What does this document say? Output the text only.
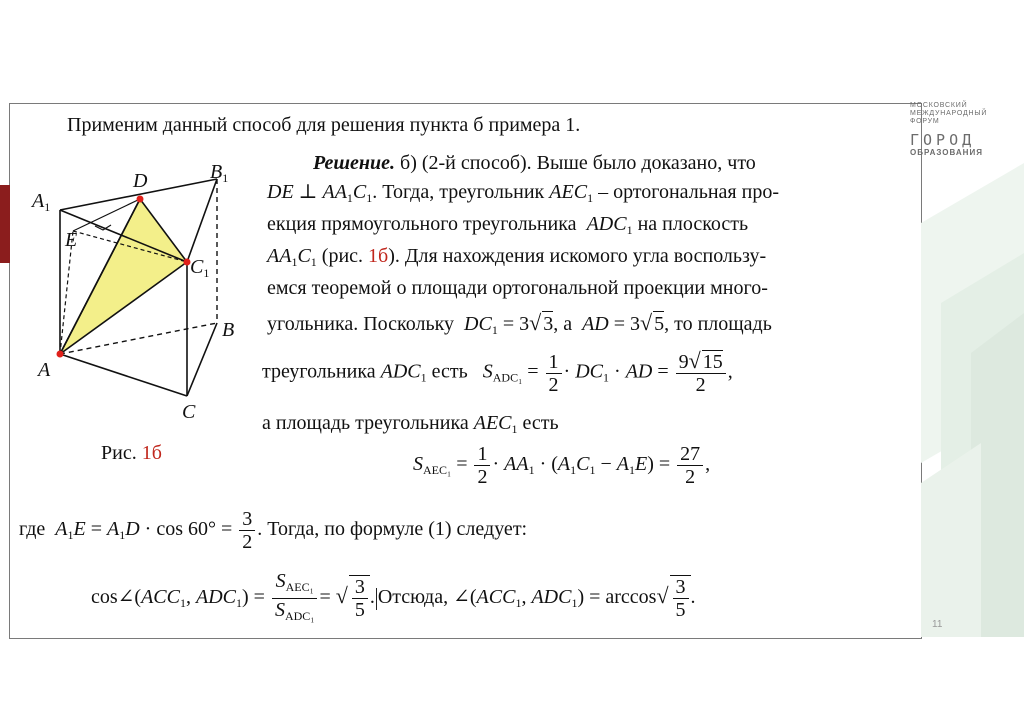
МОСКОВСКИЙ
МЕЖДУНАРОДНЫЙ
ФОРУМ
ГОРОД
ОБРАЗОВАНИЯ
11
Применим данный способ для решения пункта б примера 1.
$A_1$
D	$B_1$
E
$C_1$
B
A
C
Рис. 1б
Решение. б) (2-й способ). Выше было доказано, что
DE ⊥ $AA_1C_1$. Тогда, треугольник $AEC_1$ – ортогональная про-
екция прямоугольного треугольника $ADC_1$ на плоскость
$AA_1C_1$ (рис. 1б). Для нахождения искомого угла воспользу-
емся теоремой о площади ортогональной проекции много-
угольника. Поскольку $DC_1 = 3√$ 3, а AD = 3√ 5, то площадь
треугольника $ADC_1$ есть $S_{ADC_1} = \frac{1}{2} \cdot DC_1$ · AD = $\frac{9√ 15}{2}$ ,
а площадь треугольника $AEC_1$ есть
$S_{AEC_1} = \frac{1}{2} \cdot AA_1 \cdot (A_1C_1 - A_1E) = \frac{27}{2}$ ,
где $A_1E = A_1D \cdot \cos 60^\circ = \frac{3}{2}$ . Тогда, по формуле (1) следует:
$\cos\angle(ACC_1$, $ADC_1) = \frac{S_{AEC_1}}{S_{ADC_1}}$ = √ $\frac{3}{5}$ . Отсюда, $\angle(ACC_1$, $ADC_1) = \arccos√ \frac{3}{5}$ .
